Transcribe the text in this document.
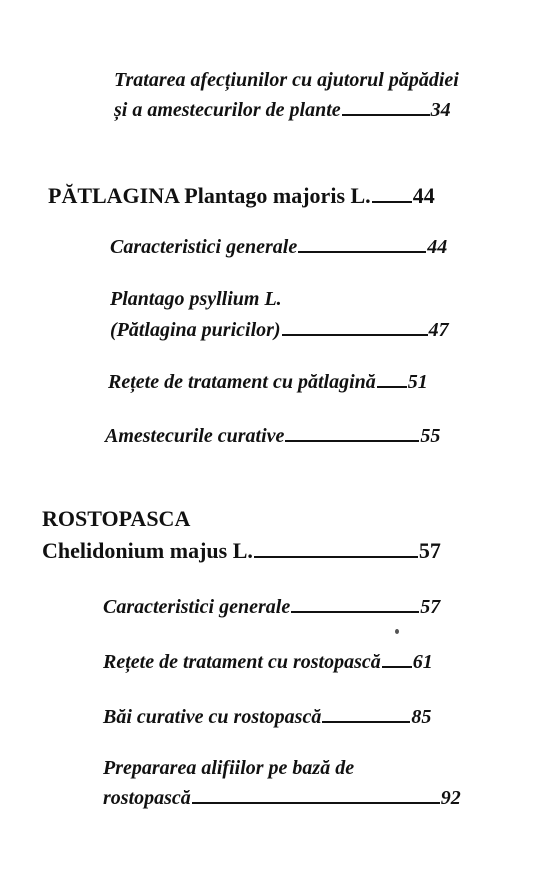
Tratarea afecțiunilor cu ajutorul păpădiei
și a amestecurilor de plante	34
PĂTLAGINA Plantago majoris L. 44
Caracteristici generale	44
Plantago psyllium L.
(Pătlagina puricilor)	47
Rețete de tratament cu pătlagină 51
Amestecurile curative	55
ROSTOPASCA
Chelidonium majus L.	57
Caracteristici generale	57
Rețete de tratament cu rostopască 61
Băi curative cu rostopască	85
Prepararea alifiilor pe bază de
rostopască	92
